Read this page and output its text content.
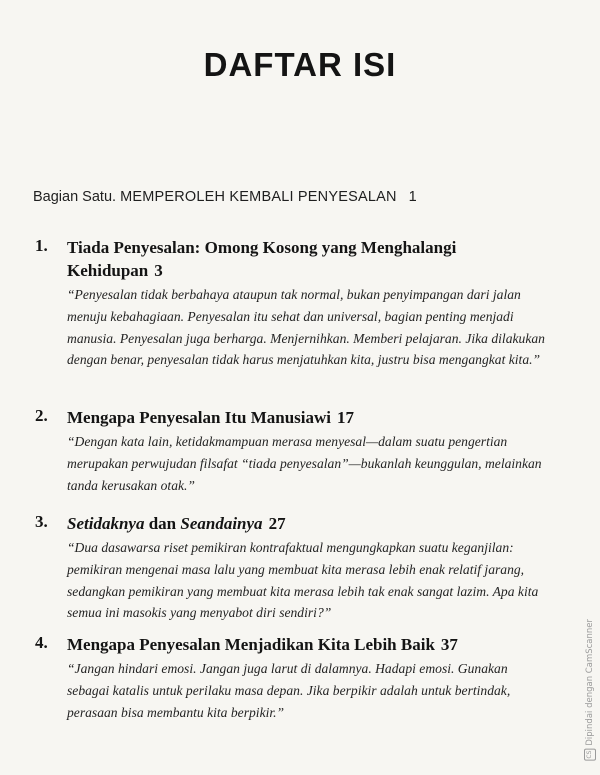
DAFTAR ISI
Bagian Satu. MEMPEROLEH KEMBALI PENYESALAN 1
1. Tiada Penyesalan: Omong Kosong yang Menghalangi Kehidupan 3
“Penyesalan tidak berbahaya ataupun tak normal, bukan penyimpangan dari jalan menuju kebahagiaan. Penyesalan itu sehat dan universal, bagian penting menjadi manusia. Penyesalan juga berharga. Menjernihkan. Memberi pelajaran. Jika dilakukan dengan benar, penyesalan tidak harus menjatuhkan kita, justru bisa mengangkat kita.”
2. Mengapa Penyesalan Itu Manusiawi 17
“Dengan kata lain, ketidakmampuan merasa menyesal—dalam suatu pengertian merupakan perwujudan filsafat “tiada penyesalan”—bukanlah keunggulan, melainkan tanda kerusakan otak.”
3. Setidaknya dan Seandainya 27
“Dua dasawarsa riset pemikiran kontrafaktual mengungkapkan suatu keganjilan: pemikiran mengenai masa lalu yang membuat kita merasa lebih enak relatif jarang, sedangkan pemikiran yang membuat kita merasa lebih tak enak sangat lazim. Apa kita semua ini masokis yang menyabot diri sendiri?”
4. Mengapa Penyesalan Menjadikan Kita Lebih Baik 37
“Jangan hindari emosi. Jangan juga larut di dalamnya. Hadapi emosi. Gunakan sebagai katalis untuk perilaku masa depan. Jika berpikir adalah untuk bertindak, perasaan bisa membantu kita berpikir.”
CS
Dipindai dengan CamScanner
